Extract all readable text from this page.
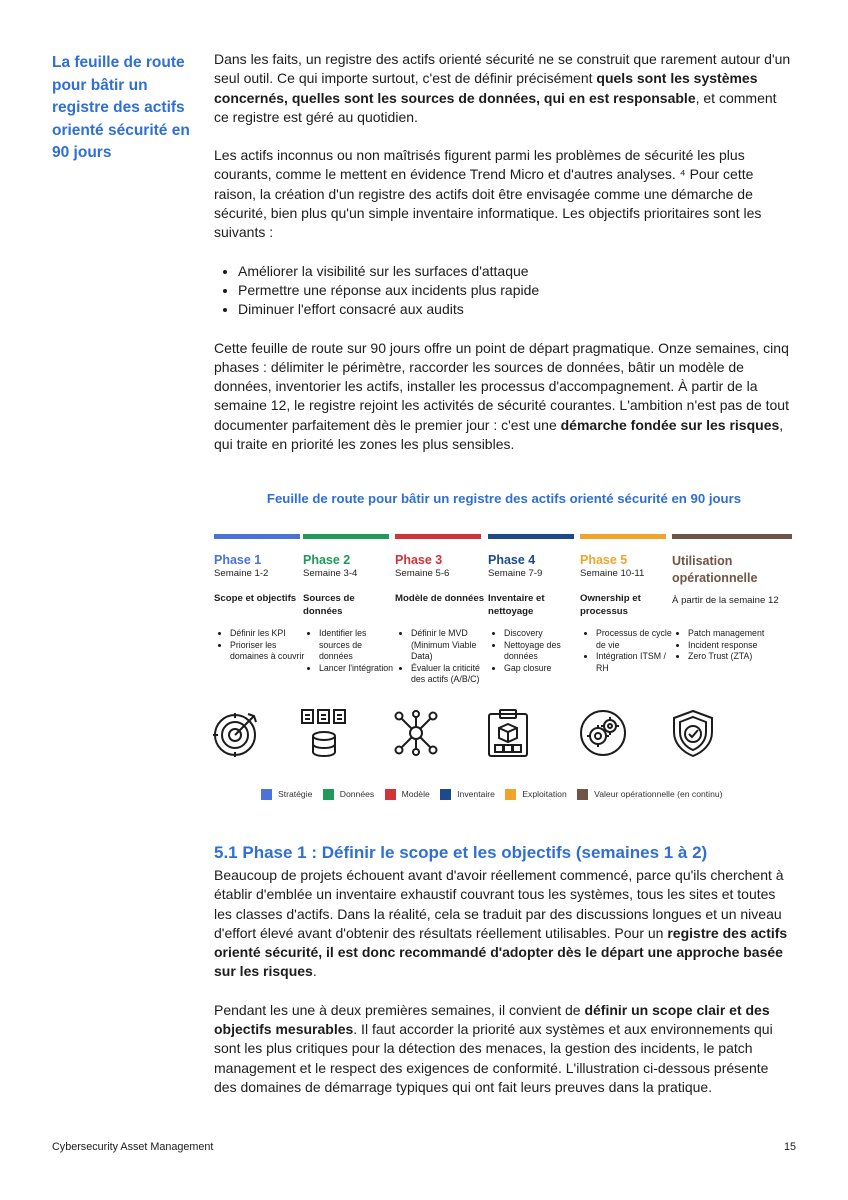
La feuille de route pour bâtir un registre des actifs orienté sécurité en 90 jours

Dans les faits, un registre des actifs orienté sécurité ne se construit que rarement autour d'un seul outil. Ce qui importe surtout, c'est de définir précisément quels sont les systèmes concernés, quelles sont les sources de données, qui en est responsable, et comment ce registre est géré au quotidien.

Les actifs inconnus ou non maîtrisés figurent parmi les problèmes de sécurité les plus courants, comme le mettent en évidence Trend Micro et d'autres analyses. ⁴ Pour cette raison, la création d'un registre des actifs doit être envisagée comme une démarche de sécurité, bien plus qu'un simple inventaire informatique. Les objectifs prioritaires sont les suivants :

• Améliorer la visibilité sur les surfaces d'attaque
• Permettre une réponse aux incidents plus rapide
• Diminuer l'effort consacré aux audits

Cette feuille de route sur 90 jours offre un point de départ pragmatique. Onze semaines, cinq phases : délimiter le périmètre, raccorder les sources de données, bâtir un modèle de données, inventorier les actifs, installer les processus d'accompagnement. À partir de la semaine 12, le registre rejoint les activités de sécurité courantes. L'ambition n'est pas de tout documenter parfaitement dès le premier jour : c'est une démarche fondée sur les risques, qui traite en priorité les zones les plus sensibles.

Feuille de route pour bâtir un registre des actifs orienté sécurité en 90 jours
Phase 1
Semaine 1-2
Scope et objectifs
• Définir les KPI
• Prioriser les domaines à couvrir
Phase 2
Semaine 3-4
Sources de données
• Identifier les sources de données
• Lancer l'intégration
Phase 3
Semaine 5-6
Modèle de données
• Définir le MVD (Minimum Viable Data)
• Évaluer la criticité des actifs (A/B/C)
Phase 4
Semaine 7-9
Inventaire et nettoyage
• Discovery
• Nettoyage des données
• Gap closure
Phase 5
Semaine 10-11
Ownership et processus
• Processus de cycle de vie
• Intégration ITSM / RH
Utilisation opérationnelle
À partir de la semaine 12
• Patch management
• Incident response
• Zero Trust (ZTA)
Stratégie	Données	Modèle	Inventaire	Exploitation	Valeur opérationnelle (en continu)
5.1 Phase 1 : Définir le scope et les objectifs (semaines 1 à 2)

Beaucoup de projets échouent avant d'avoir réellement commencé, parce qu'ils cherchent à établir d'emblée un inventaire exhaustif couvrant tous les systèmes, tous les sites et toutes les classes d'actifs. Dans la réalité, cela se traduit par des discussions longues et un niveau d'effort élevé avant d'obtenir des résultats réellement utilisables. Pour un registre des actifs orienté sécurité, il est donc recommandé d'adopter dès le départ une approche basée sur les risques.

Pendant les une à deux premières semaines, il convient de définir un scope clair et des objectifs mesurables. Il faut accorder la priorité aux systèmes et aux environnements qui sont les plus critiques pour la détection des menaces, la gestion des incidents, le patch management et le respect des exigences de conformité. L'illustration ci-dessous présente des domaines de démarrage typiques qui ont fait leurs preuves dans la pratique.

Cybersecurity Asset Management	15
